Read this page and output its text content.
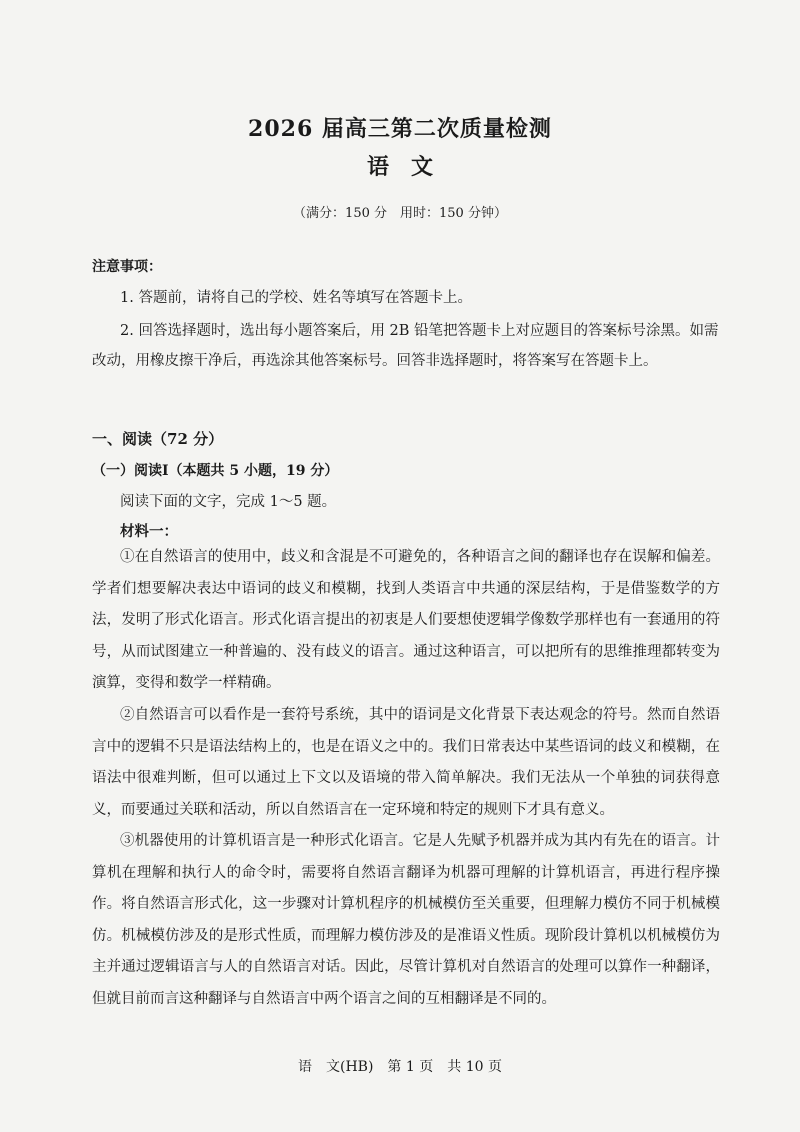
2026 届高三第二次质量检测
语　文
（满分：150 分　用时：150 分钟）
注意事项：
1. 答题前，请将自己的学校、姓名等填写在答题卡上。
2. 回答选择题时，选出每小题答案后，用 2B 铅笔把答题卡上对应题目的答案标号涂黑。如需改动，用橡皮擦干净后，再选涂其他答案标号。回答非选择题时，将答案写在答题卡上。
一、阅读（72 分）
（一）阅读Ⅰ（本题共 5 小题，19 分）
阅读下面的文字，完成 1～5 题。
材料一：
①在自然语言的使用中，歧义和含混是不可避免的，各种语言之间的翻译也存在误解和偏差。学者们想要解决表达中语词的歧义和模糊，找到人类语言中共通的深层结构，于是借鉴数学的方法，发明了形式化语言。形式化语言提出的初衷是人们要想使逻辑学像数学那样也有一套通用的符号，从而试图建立一种普遍的、没有歧义的语言。通过这种语言，可以把所有的思维推理都转变为演算，变得和数学一样精确。
②自然语言可以看作是一套符号系统，其中的语词是文化背景下表达观念的符号。然而自然语言中的逻辑不只是语法结构上的，也是在语义之中的。我们日常表达中某些语词的歧义和模糊，在语法中很难判断，但可以通过上下文以及语境的带入简单解决。我们无法从一个单独的词获得意义，而要通过关联和活动，所以自然语言在一定环境和特定的规则下才具有意义。
③机器使用的计算机语言是一种形式化语言。它是人先赋予机器并成为其内有先在的语言。计算机在理解和执行人的命令时，需要将自然语言翻译为机器可理解的计算机语言，再进行程序操作。将自然语言形式化，这一步骤对计算机程序的机械模仿至关重要，但理解力模仿不同于机械模仿。机械模仿涉及的是形式性质，而理解力模仿涉及的是准语义性质。现阶段计算机以机械模仿为主并通过逻辑语言与人的自然语言对话。因此，尽管计算机对自然语言的处理可以算作一种翻译，但就目前而言这种翻译与自然语言中两个语言之间的互相翻译是不同的。
语　文(HB)　第 1 页　共 10 页
